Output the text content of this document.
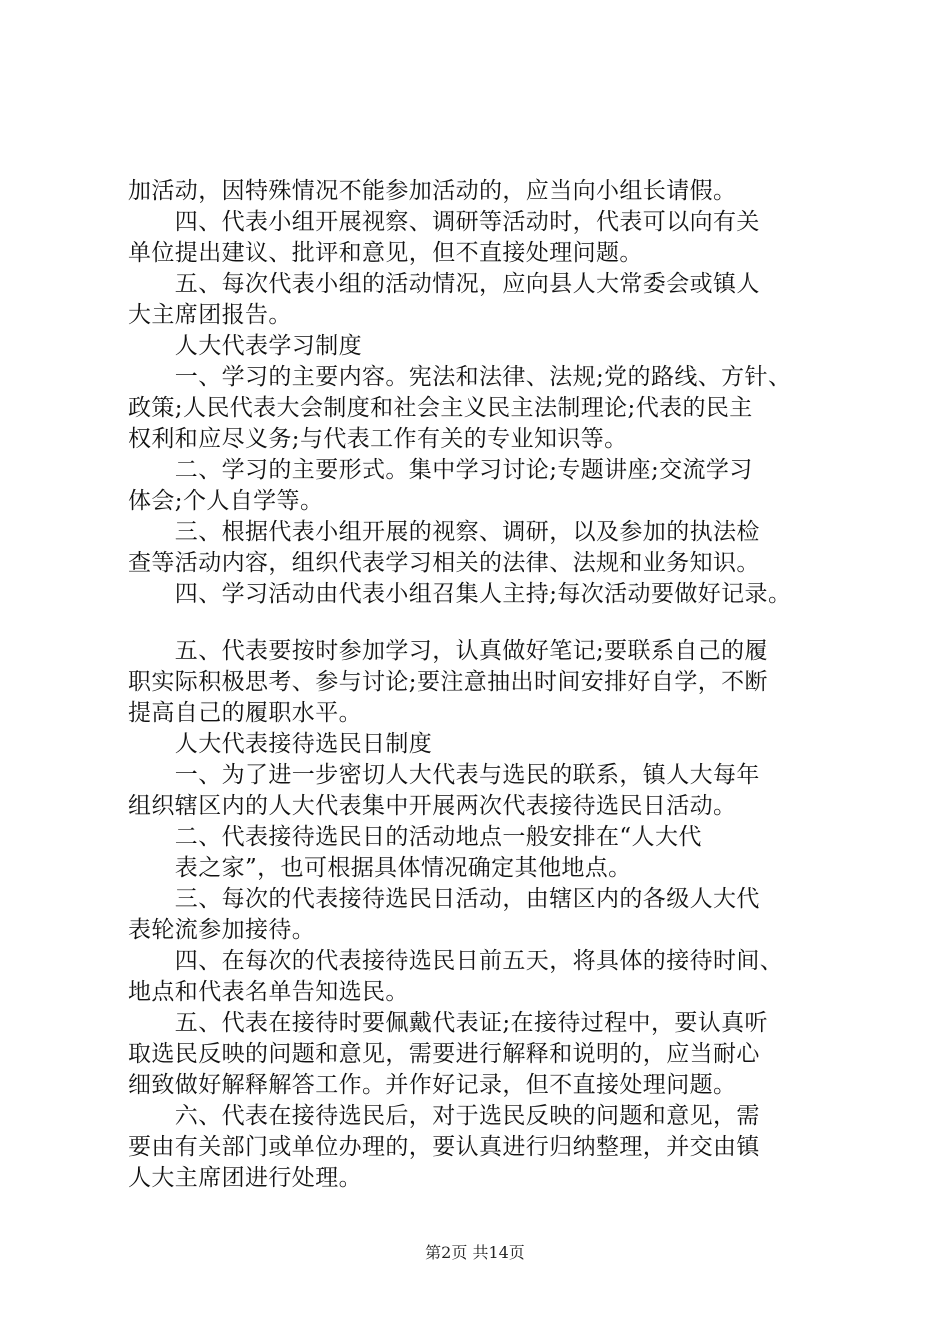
加活动，因特殊情况不能参加活动的，应当向小组长请假。
　　四、代表小组开展视察、调研等活动时，代表可以向有关
单位提出建议、批评和意见，但不直接处理问题。
　　五、每次代表小组的活动情况，应向县人大常委会或镇人
大主席团报告。
　　人大代表学习制度
　　一、学习的主要内容。宪法和法律、法规;党的路线、方针、
政策;人民代表大会制度和社会主义民主法制理论;代表的民主
权利和应尽义务;与代表工作有关的专业知识等。
　　二、学习的主要形式。集中学习讨论;专题讲座;交流学习
体会;个人自学等。
　　三、根据代表小组开展的视察、调研，以及参加的执法检
查等活动内容，组织代表学习相关的法律、法规和业务知识。
　　四、学习活动由代表小组召集人主持;每次活动要做好记录。
　　五、代表要按时参加学习，认真做好笔记;要联系自己的履
职实际积极思考、参与讨论;要注意抽出时间安排好自学，不断
提高自己的履职水平。
　　人大代表接待选民日制度
　　一、为了进一步密切人大代表与选民的联系，镇人大每年
组织辖区内的人大代表集中开展两次代表接待选民日活动。
　　二、代表接待选民日的活动地点一般安排在“人大代
　　表之家”，也可根据具体情况确定其他地点。
　　三、每次的代表接待选民日活动，由辖区内的各级人大代
表轮流参加接待。
　　四、在每次的代表接待选民日前五天，将具体的接待时间、
地点和代表名单告知选民。
　　五、代表在接待时要佩戴代表证;在接待过程中，要认真听
取选民反映的问题和意见，需要进行解释和说明的，应当耐心
细致做好解释解答工作。并作好记录，但不直接处理问题。
　　六、代表在接待选民后，对于选民反映的问题和意见，需
要由有关部门或单位办理的，要认真进行归纳整理，并交由镇
人大主席团进行处理。
第2页 共14页
